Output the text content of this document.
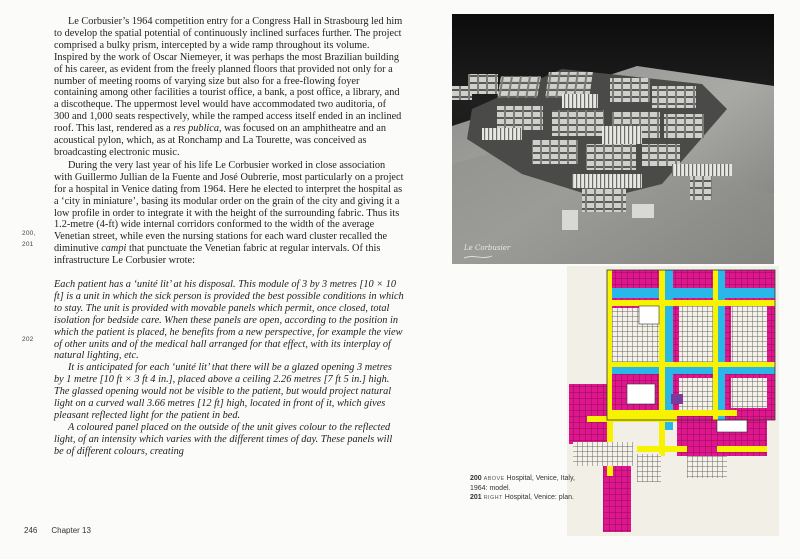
200,
201
202

Le Corbusier’s 1964 competition entry for a Congress Hall in Strasbourg led him to develop the spatial potential of continuously inclined surfaces further. The project comprised a bulky prism, intercepted by a wide ramp throughout its volume. Inspired by the work of Oscar Niemeyer, it was perhaps the most Brazilian building of his career, as evident from the freely planned floors that provided not only for a number of meeting rooms of varying size but also for a free-flowing foyer containing among other facilities a tourist office, a bank, a post office, a library, and a discotheque. The uppermost level would have accommodated two auditoria, of 300 and 1,000 seats respectively, while the ramped access itself ended in an inclined roof. This last, rendered as a res publica, was focused on an amphitheatre and an acoustical pylon, which, as at Ronchamp and La Tourette, was conceived as broadcasting electronic music.

During the very last year of his life Le Corbusier worked in close association with Guillermo Jullian de la Fuente and José Oubrerie, most particularly on a project for a hospital in Venice dating from 1964. Here he elected to interpret the hospital as a ‘city in miniature’, basing its modular order on the grain of the city and giving it a low profile in order to integrate it with the height of the surrounding fabric. Thus its 1.2-metre (4-ft) wide internal corridors conformed to the width of the average Venetian street, while even the nursing stations for each ward cluster recalled the diminutive campi that punctuate the Venetian fabric at regular intervals. Of this infrastructure Le Corbusier wrote:

Each patient has a ‘unité lit’ at his disposal. This module of 3 by 3 metres [10 × 10 ft] is a unit in which the sick person is provided the best possible conditions in which to stay. The unit is provided with movable panels which permit, once closed, total isolation for bedside care. When these panels are open, according to the position in which the patient is placed, he benefits from a new perspective, for example the view of other units and of the medical hall arranged for that effect, with its interplay of natural lighting, etc.

It is anticipated for each ‘unité lit’ that there will be a glazed opening 3 metres by 1 metre [10 ft × 3 ft 4 in.], placed above a ceiling 2.26 metres [7 ft 5 in.] high. The glassed opening would not be visible to the patient, but would project natural light on a curved wall 3.66 metres [12 ft] high, located in front of it, which gives pleasant reflected light for the patient in bed.

A coloured panel placed on the outside of the unit gives colour to the reflected light, of an intensity which varies with the different times of day. These panels will be of different colours, creating

246 Chapter 13
Le Corbusier
200 ABOVE Hospital, Venice, Italy, 1964: model.
201 RIGHT Hospital, Venice: plan.
